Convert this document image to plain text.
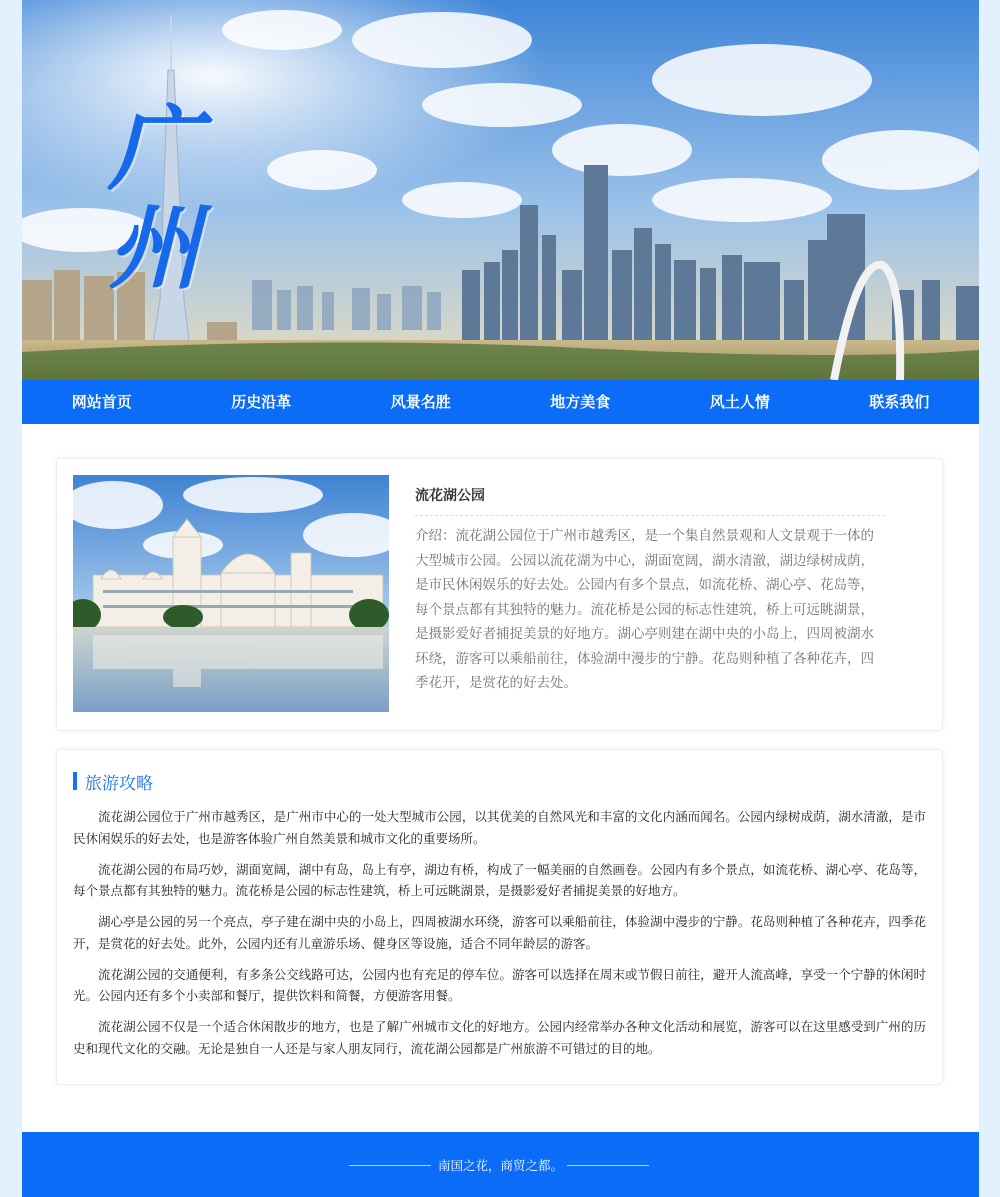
广州
网站首页	历史沿革	风景名胜	地方美食	风土人情	联系我们
流花湖公园

介绍：流花湖公园位于广州市越秀区，是一个集自然景观和人文景观于一体的大型城市公园。公园以流花湖为中心，湖面宽阔，湖水清澈，湖边绿树成荫，是市民休闲娱乐的好去处。公园内有多个景点，如流花桥、湖心亭、花岛等，每个景点都有其独特的魅力。流花桥是公园的标志性建筑，桥上可远眺湖景，是摄影爱好者捕捉美景的好地方。湖心亭则建在湖中央的小岛上，四周被湖水环绕，游客可以乘船前往，体验湖中漫步的宁静。花岛则种植了各种花卉，四季花开，是赏花的好去处。

旅游攻略

流花湖公园位于广州市越秀区，是广州市中心的一处大型城市公园，以其优美的自然风光和丰富的文化内涵而闻名。公园内绿树成荫，湖水清澈，是市民休闲娱乐的好去处，也是游客体验广州自然美景和城市文化的重要场所。

流花湖公园的布局巧妙，湖面宽阔，湖中有岛，岛上有亭，湖边有桥，构成了一幅美丽的自然画卷。公园内有多个景点，如流花桥、湖心亭、花岛等，每个景点都有其独特的魅力。流花桥是公园的标志性建筑，桥上可远眺湖景，是摄影爱好者捕捉美景的好地方。

湖心亭是公园的另一个亮点，亭子建在湖中央的小岛上，四周被湖水环绕，游客可以乘船前往，体验湖中漫步的宁静。花岛则种植了各种花卉，四季花开，是赏花的好去处。此外，公园内还有儿童游乐场、健身区等设施，适合不同年龄层的游客。

流花湖公园的交通便利，有多条公交线路可达，公园内也有充足的停车位。游客可以选择在周末或节假日前往，避开人流高峰，享受一个宁静的休闲时光。公园内还有多个小卖部和餐厅，提供饮料和简餐，方便游客用餐。

流花湖公园不仅是一个适合休闲散步的地方，也是了解广州城市文化的好地方。公园内经常举办各种文化活动和展览，游客可以在这里感受到广州的历史和现代文化的交融。无论是独自一人还是与家人朋友同行，流花湖公园都是广州旅游不可错过的目的地。

南国之花，商贸之都。
